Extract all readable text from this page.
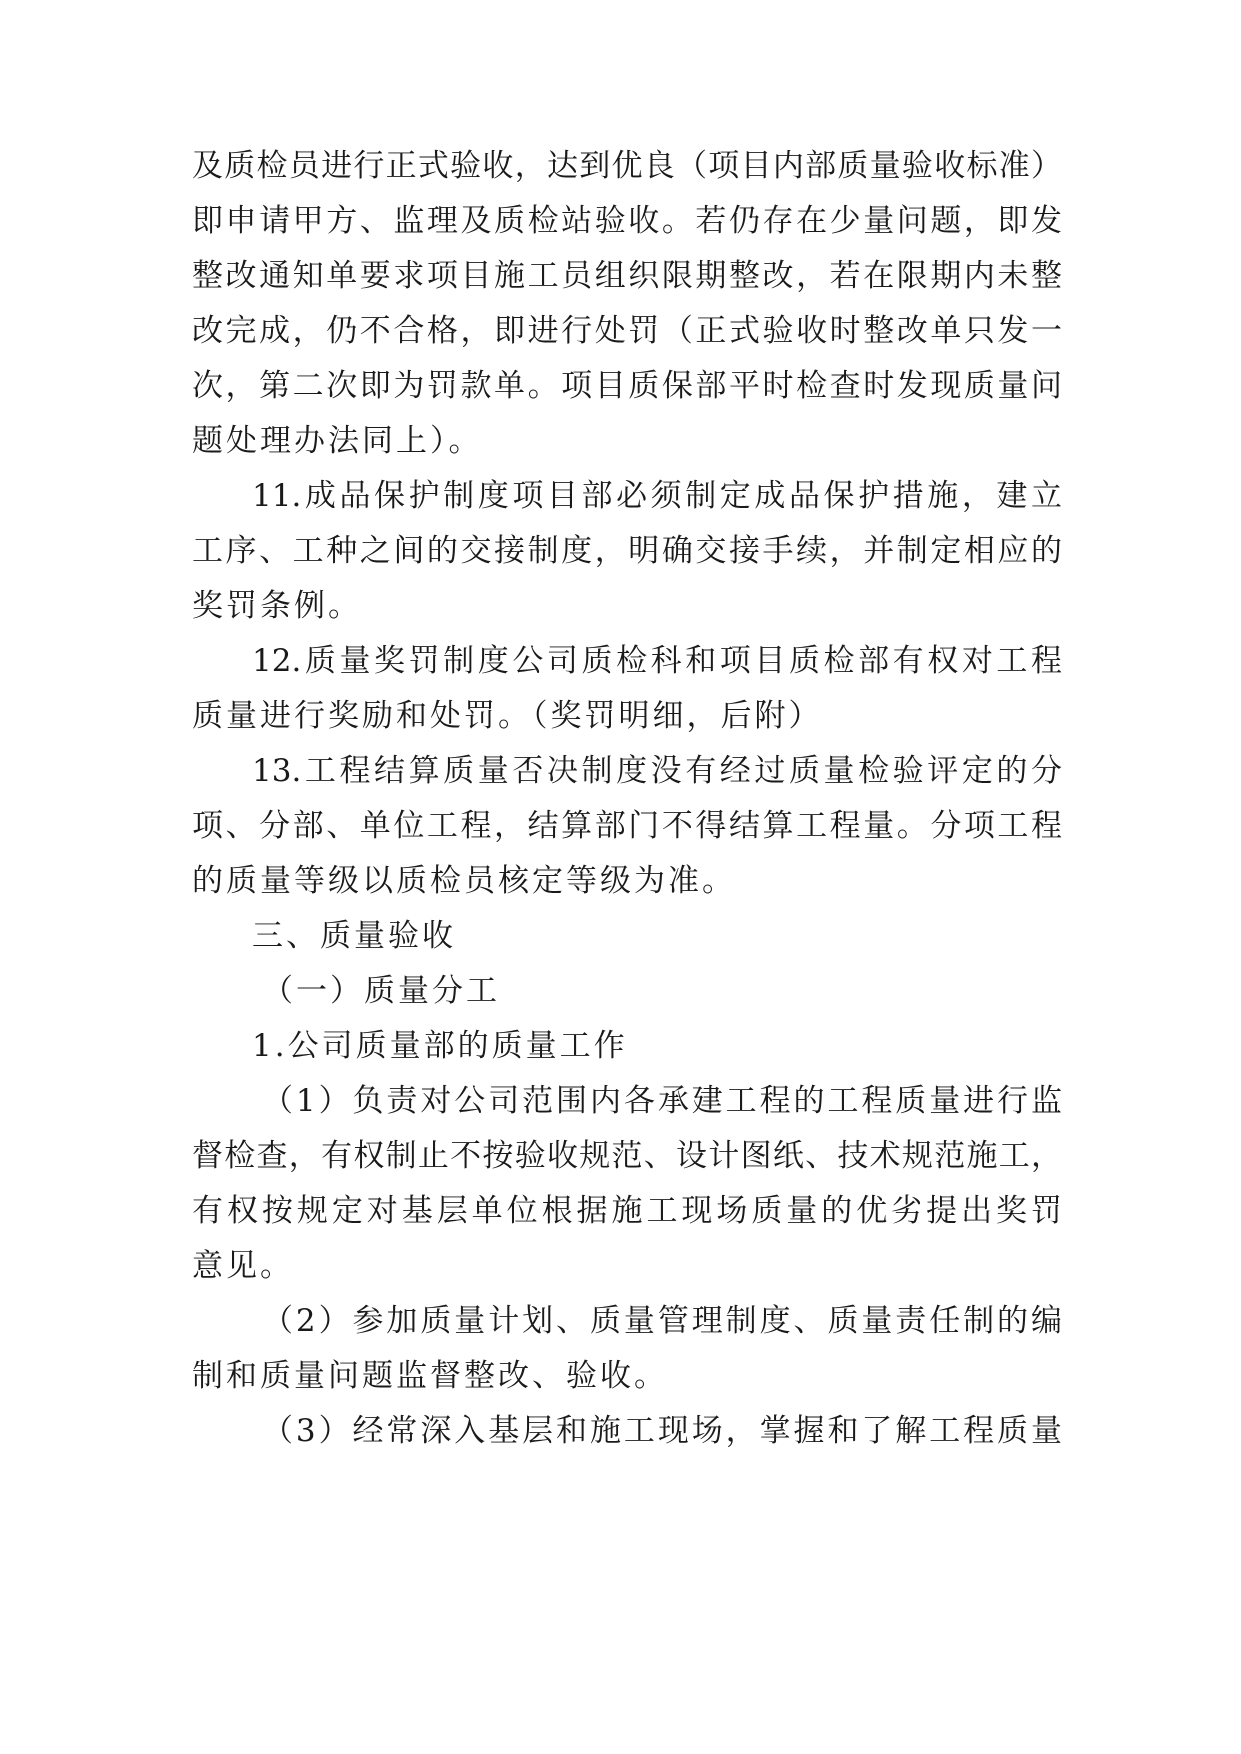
及质检员进行正式验收，达到优良（项目内部质量验收标准）
即申请甲方、监理及质检站验收。若仍存在少量问题，即发
整改通知单要求项目施工员组织限期整改，若在限期内未整
改完成，仍不合格，即进行处罚（正式验收时整改单只发一
次，第二次即为罚款单。项目质保部平时检查时发现质量问
题处理办法同上）。
11.成品保护制度项目部必须制定成品保护措施，建立
工序、工种之间的交接制度，明确交接手续，并制定相应的
奖罚条例。
12.质量奖罚制度公司质检科和项目质检部有权对工程
质量进行奖励和处罚。（奖罚明细，后附）
13.工程结算质量否决制度没有经过质量检验评定的分
项、分部、单位工程，结算部门不得结算工程量。分项工程
的质量等级以质检员核定等级为准。
三、质量验收
（一）质量分工
1.公司质量部的质量工作
（1）负责对公司范围内各承建工程的工程质量进行监
督检查，有权制止不按验收规范、设计图纸、技术规范施工，
有权按规定对基层单位根据施工现场质量的优劣提出奖罚
意见。
（2）参加质量计划、质量管理制度、质量责任制的编
制和质量问题监督整改、验收。
（3）经常深入基层和施工现场，掌握和了解工程质量
